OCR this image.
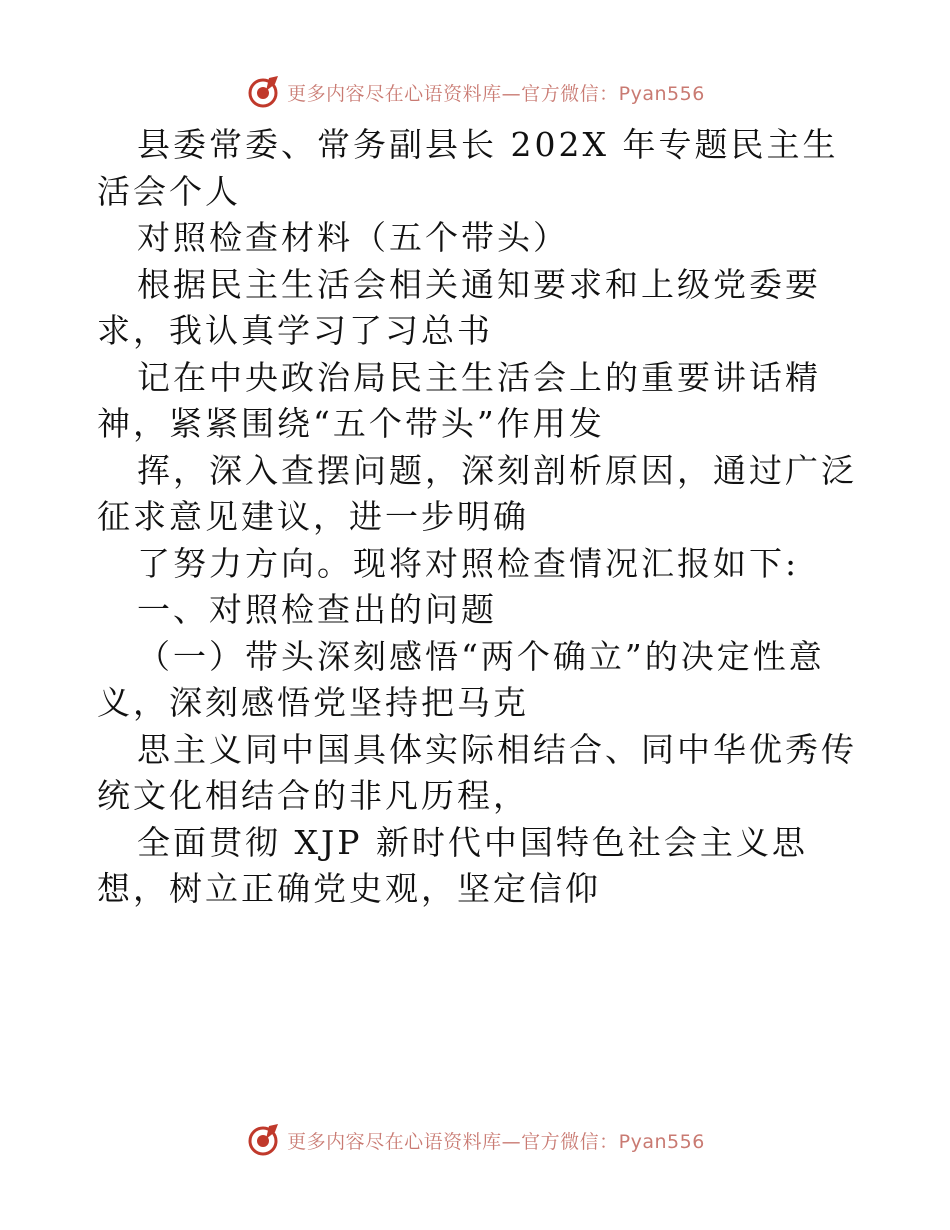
更多内容尽在心语资料库—官方微信：Pyan556

县委常委、常务副县长 202X 年专题民主生活会个人

对照检查材料（五个带头）

根据民主生活会相关通知要求和上级党委要求，我认真学习了习总书

记在中央政治局民主生活会上的重要讲话精神，紧紧围绕“五个带头”作用发

挥，深入查摆问题，深刻剖析原因，通过广泛征求意见建议，进一步明确

了努力方向。现将对照检查情况汇报如下:

一、对照检查出的问题

（一）带头深刻感悟“两个确立”的决定性意义，深刻感悟党坚持把马克

思主义同中国具体实际相结合、同中华优秀传统文化相结合的非凡历程，

全面贯彻 XJP 新时代中国特色社会主义思想，树立正确党史观，坚定信仰

更多内容尽在心语资料库—官方微信：Pyan556
